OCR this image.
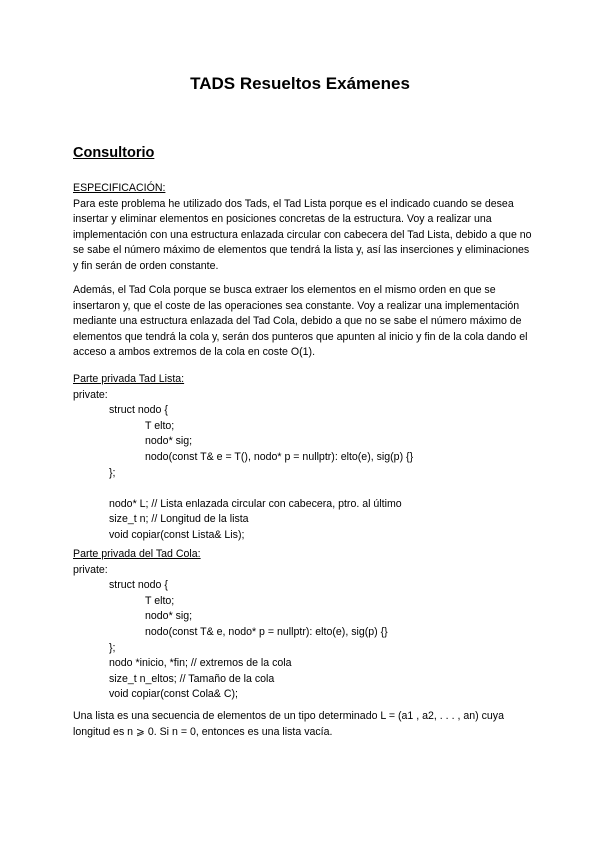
TADS Resueltos Exámenes
Consultorio

ESPECIFICACIÓN:

Para este problema he utilizado dos Tads, el Tad Lista porque es el indicado cuando se desea insertar y eliminar elementos en posiciones concretas de la estructura. Voy a realizar una implementación con una estructura enlazada circular con cabecera del Tad Lista, debido a que no se sabe el número máximo de elementos que tendrá la lista y, así las inserciones y eliminaciones y fin serán de orden constante.

Además, el Tad Cola porque se busca extraer los elementos en el mismo orden en que se insertaron y, que el coste de las operaciones sea constante. Voy a realizar una implementación mediante una estructura enlazada del Tad Cola, debido a que no se sabe el número máximo de elementos que tendrá la cola y, serán dos punteros que apunten al inicio y fin de la cola dando el acceso a ambos extremos de la cola en coste O(1).

Parte privada Tad Lista:

private:
struct nodo {
T elto;
nodo* sig;
nodo(const T& e = T(), nodo* p = nullptr): elto(e), sig(p) {}
};

nodo* L; // Lista enlazada circular con cabecera, ptro. al último
size_t n; // Longitud de la lista
void copiar(const Lista& Lis);

Parte privada del Tad Cola:

private:
struct nodo {
T elto;
nodo* sig;
nodo(const T& e, nodo* p = nullptr): elto(e), sig(p) {}
};
nodo *inicio, *fin; // extremos de la cola
size_t n_eltos; // Tamaño de la cola
void copiar(const Cola& C);

Una lista es una secuencia de elementos de un tipo determinado L = (a1 , a2, . . . , an) cuya longitud es n ⩾ 0. Si n = 0, entonces es una lista vacía.
